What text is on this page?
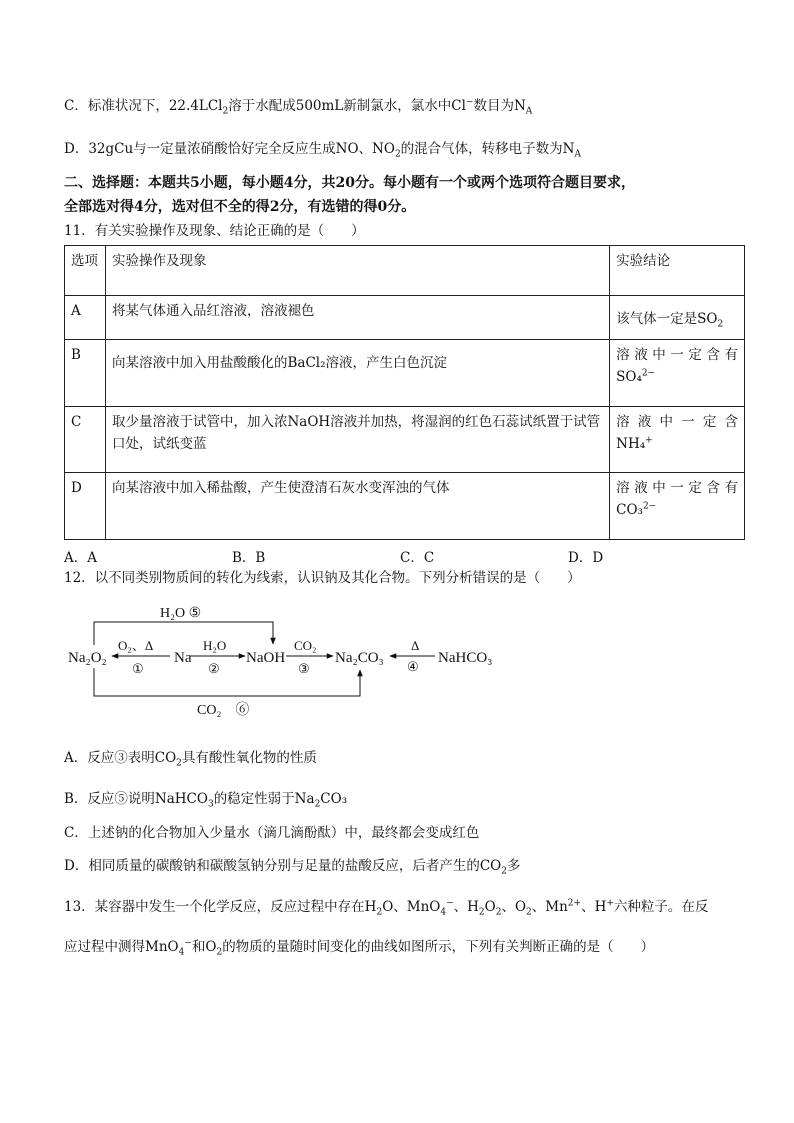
C．标准状况下，22.4LCl$_2$溶于水配成500mL新制氯水，氯水中Cl−数目为$N_A$
D．32gCu与一定量浓硝酸恰好完全反应生成NO、$NO_2$的混合气体，转移电子数为$N_A$
二、选择题：本题共5小题，每小题4分，共20分。每小题有一个或两个选项符合题目要求，
全部选对得4分，选对但不全的得2分，有选错的得0分。
11．有关实验操作及现象、结论正确的是（　　）
选项	实验操作及现象	实验结论
A	将某气体通入品红溶液，溶液褪色	该气体一定是$SO_2$
B	向某溶液中加入用盐酸酸化的BaCl₂溶液，产生白色沉淀	溶液中一定含有
SO₄$^{2-}$

C	取少量溶液于试管中，加入浓NaOH溶液并加热，将湿润的红色石蕊试纸置于试管口处，试纸变蓝	溶液中一定含
NH₄+

D	向某溶液中加入稀盐酸，产生使澄清石灰水变浑浊的气体	溶液中一定含有
CO₃$^{2-}$
A．A	B．B	C．C	D．D
12．以不同类别物质间的转化为线索，认识钠及其化合物。下列分析错误的是（　　）
Na₂O₂	Na	NaOH	Na₂CO₃	NaHCO₃
O₂、Δ
①
H₂O
②
CO₂
③
Δ
④
H₂O ⑤
CO₂　⑥
A．反应③表明$CO_2$具有酸性氧化物的性质
B．反应⑤说明NaHCO$_3$的稳定性弱于$Na_2CO_3$
C．上述钠的化合物加入少量水（滴几滴酚酞）中，最终都会变成红色
D．相同质量的碳酸钠和碳酸氢钠分别与足量的盐酸反应，后者产生的$CO_2$多
13．某容器中发生一个化学反应，反应过程中存在$H_2O$、MnO$_4$−、$H_2O_2$、$O_2$、$Mn^{2+}$、H+六种粒子。在反
应过程中测得MnO$_4$−和$O_2$的物质的量随时间变化的曲线如图所示，下列有关判断正确的是（　　）
